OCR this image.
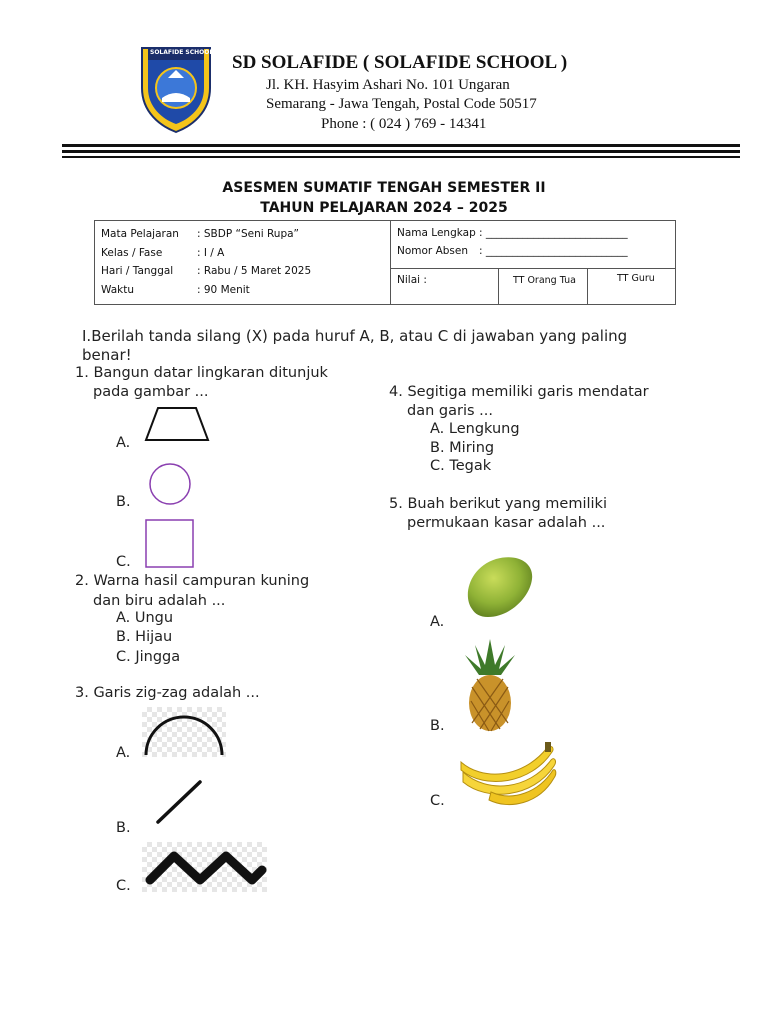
SOLAFIDE SCHOOL SD SOLAFIDE ( SOLAFIDE SCHOOL )
Jl. KH. Hasyim Ashari No. 101 Ungaran
Semarang - Jawa Tengah, Postal Code 50517
Phone : ( 024 ) 769 - 14341
ASESMEN SUMATIF TENGAH SEMESTER II
TAHUN PELAJARAN 2024 – 2025
Mata Pelajaran : SBDP “Seni Rupa”
Kelas / Fase	: I / A
Hari / Tanggal : Rabu / 5 Maret 2025
Waktu	: 90 Menit
Nama Lengkap : ___________________________
Nomor Absen : ___________________________
Nilai :	TT Orang Tua	TT Guru
I.Berilah tanda silang (X) pada huruf A, B, atau C di jawaban yang paling
benar!
1. Bangun datar lingkaran ditunjuk
pada gambar ...
A.
B.
C.
2. Warna hasil campuran kuning
dan biru adalah ...
A. Ungu
B. Hijau
C. Jingga
3. Garis zig-zag adalah ...
A.
B.
C.
4. Segitiga memiliki garis mendatar
dan garis ...
A. Lengkung
B. Miring
C. Tegak
5. Buah berikut yang memiliki
permukaan kasar adalah ...
A.
B.
C.
